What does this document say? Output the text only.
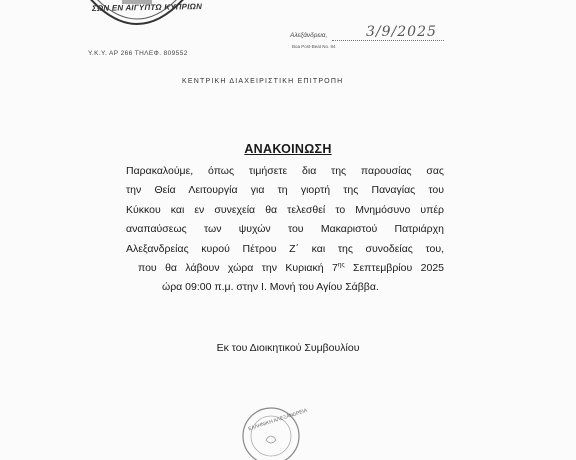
ΣΩΝ ΕΝ ΑΙΓΥΠΤΩ ΚΥΠΡΙΩΝ
Υ.Κ.Υ. ΑΡ 266 ΤΗΛΕΦ. 809552
Αλεξάνδρεια,	3/9/2025
Boa Post-Beat No. 84
ΚΕΝΤΡΙΚΗ ΔΙΑΧΕΙΡΙΣΤΙΚΗ ΕΠΙΤΡΟΠΗ
ΑΝΑΚΟΙΝΩΣΗ
Παρακαλούμε, όπως τιμήσετε δια της παρουσίας σας
την Θεία Λειτουργία για τη γιορτή της Παναγίας του
Κύκκου και εν συνεχεία θα τελεσθεί το Μνημόσυνο υπέρ
αναπαύσεως των ψυχών του Μακαριστού Πατριάρχη
Αλεξανδρείας κυρού Πέτρου Ζ΄ και της συνοδείας του,
που θα λάβουν χώρα την Κυριακή $7^{\eta\varsigma}$ Σεπτεμβρίου 2025
ώρα 09:00 π.μ. στην Ι. Μονή του Αγίου Σάββα.
Εκ του Διοικητικού Συμβουλίου
ΕΛΛΗΝΙΚΗ ΑΛΕΞΑΝΔΡΕΙΑ
